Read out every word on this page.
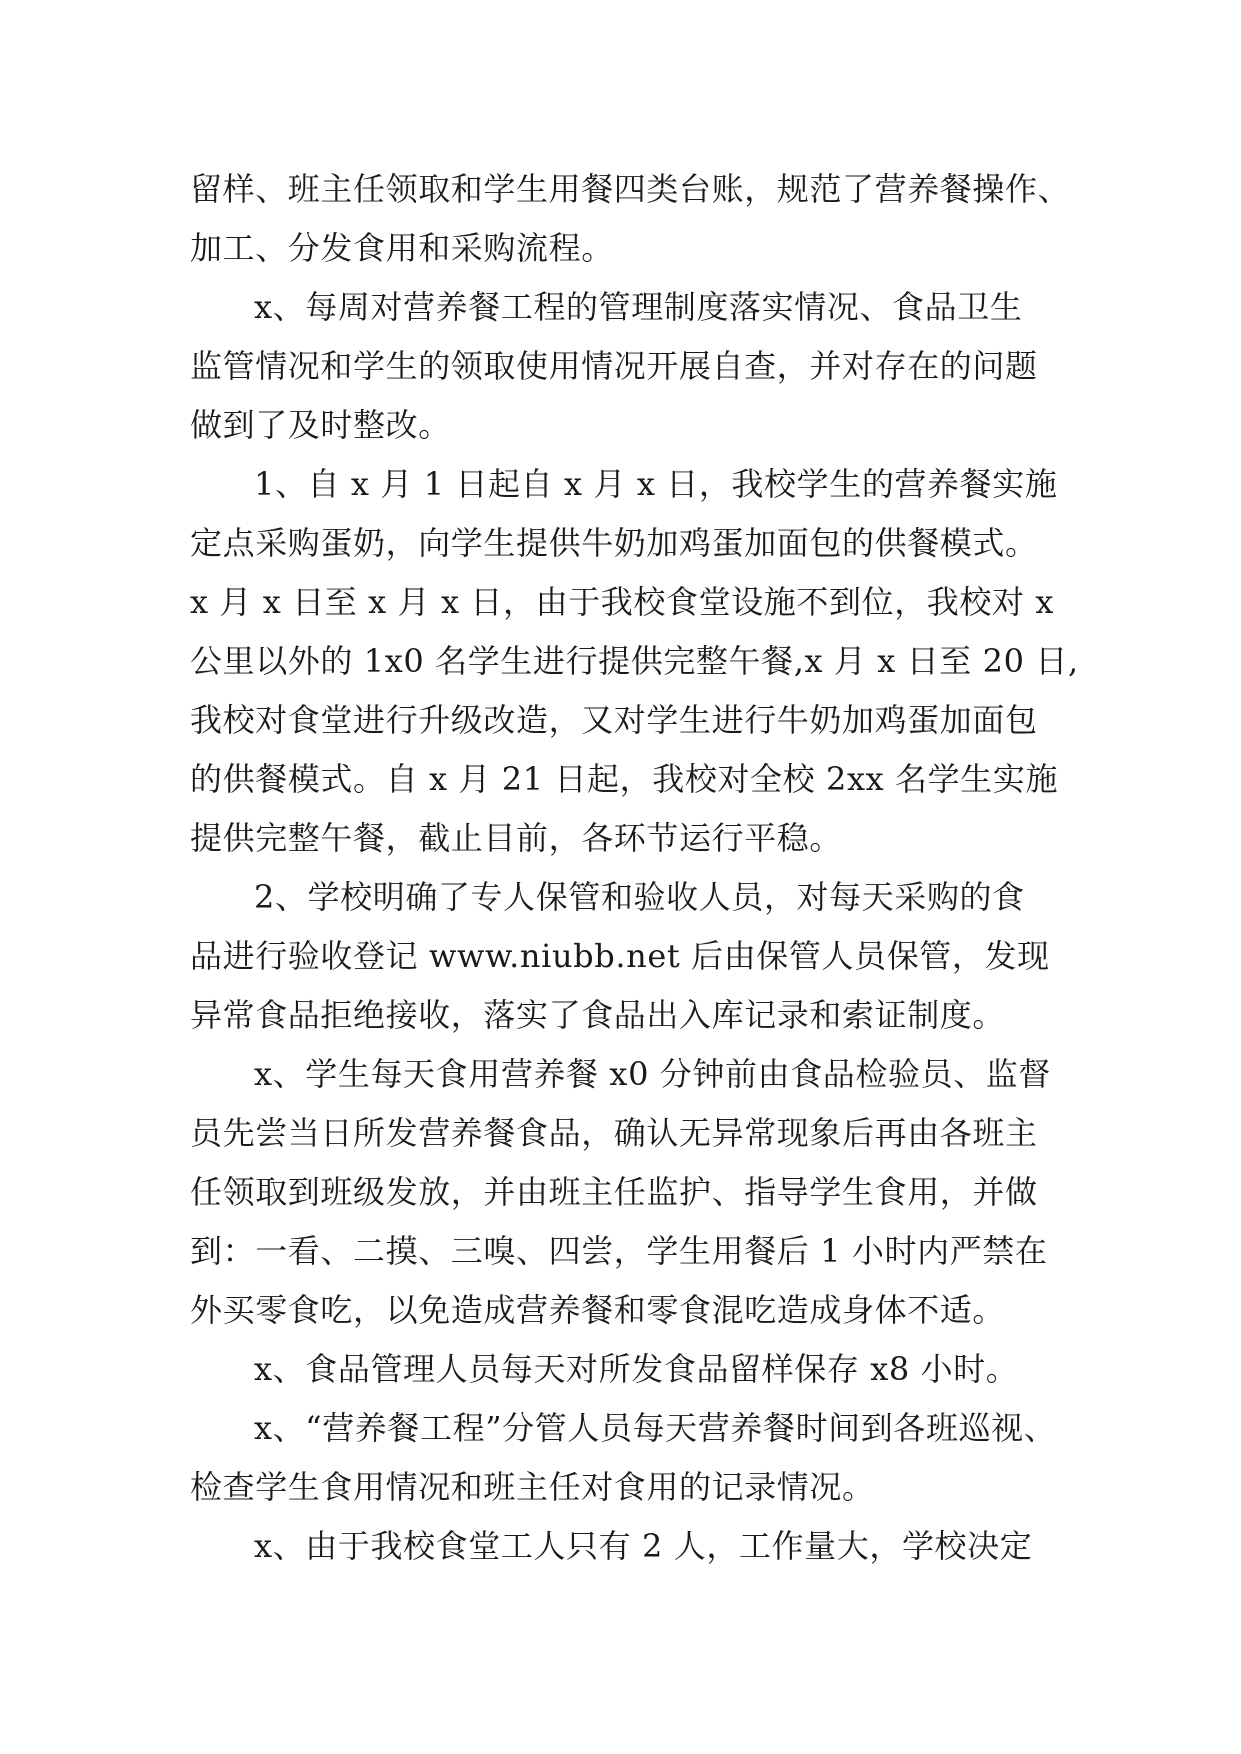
留样、班主任领取和学生用餐四类台账，规范了营养餐操作、
加工、分发食用和采购流程。
x、每周对营养餐工程的管理制度落实情况、食品卫生
监管情况和学生的领取使用情况开展自查，并对存在的问题
做到了及时整改。
1、自 x 月 1 日起自 x 月 x 日，我校学生的营养餐实施
定点采购蛋奶，向学生提供牛奶加鸡蛋加面包的供餐模式。
x 月 x 日至 x 月 x 日，由于我校食堂设施不到位，我校对 x
公里以外的 1x0 名学生进行提供完整午餐,x 月 x 日至 20 日,
我校对食堂进行升级改造，又对学生进行牛奶加鸡蛋加面包
的供餐模式。自 x 月 21 日起，我校对全校 2xx 名学生实施
提供完整午餐，截止目前，各环节运行平稳。
2、学校明确了专人保管和验收人员，对每天采购的食
品进行验收登记 www.niubb.net 后由保管人员保管，发现
异常食品拒绝接收，落实了食品出入库记录和索证制度。
x、学生每天食用营养餐 x0 分钟前由食品检验员、监督
员先尝当日所发营养餐食品，确认无异常现象后再由各班主
任领取到班级发放，并由班主任监护、指导学生食用，并做
到：一看、二摸、三嗅、四尝，学生用餐后 1 小时内严禁在
外买零食吃，以免造成营养餐和零食混吃造成身体不适。
x、食品管理人员每天对所发食品留样保存 x8 小时。
x、“营养餐工程”分管人员每天营养餐时间到各班巡视、
检查学生食用情况和班主任对食用的记录情况。
x、由于我校食堂工人只有 2 人，工作量大，学校决定
